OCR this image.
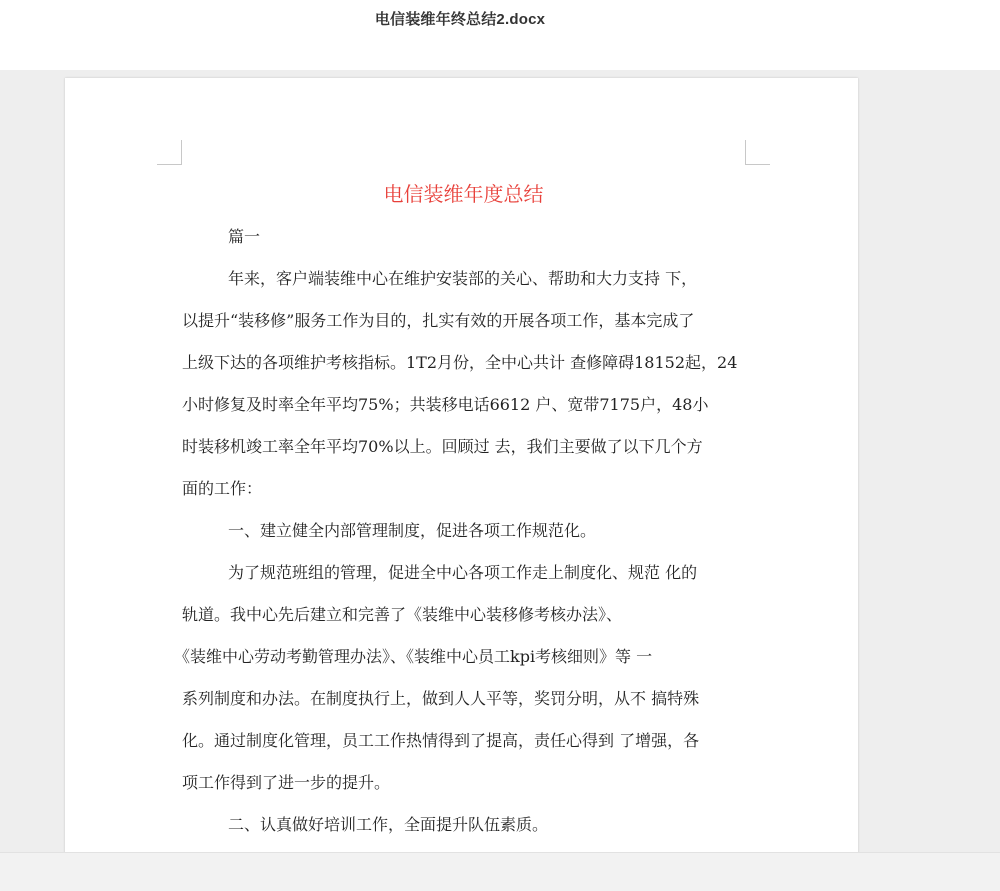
电信装维年终总结2.docx
电信装维年度总结
篇一
年来，客户端装维中心在维护安装部的关心、帮助和大力支持 下，
以提升“装移修”服务工作为目的，扎实有效的开展各项工作，基本完成了
上级下达的各项维护考核指标。1T2月份，全中心共计 查修障碍18152起，24
小时修复及时率全年平均75%；共装移电话6612 户、宽带7175户，48小
时装移机竣工率全年平均70%以上。回顾过 去，我们主要做了以下几个方
面的工作：
一、建立健全内部管理制度，促进各项工作规范化。
为了规范班组的管理，促进全中心各项工作走上制度化、规范 化的
轨道。我中心先后建立和完善了《装维中心装移修考核办法》、
《装维中心劳动考勤管理办法》、《装维中心员工kpi考核细则》等 一
系列制度和办法。在制度执行上，做到人人平等，奖罚分明，从不 搞特殊
化。通过制度化管理，员工工作热情得到了提高，责任心得到 了增强，各
项工作得到了进一步的提升。
二、认真做好培训工作，全面提升队伍素质。
